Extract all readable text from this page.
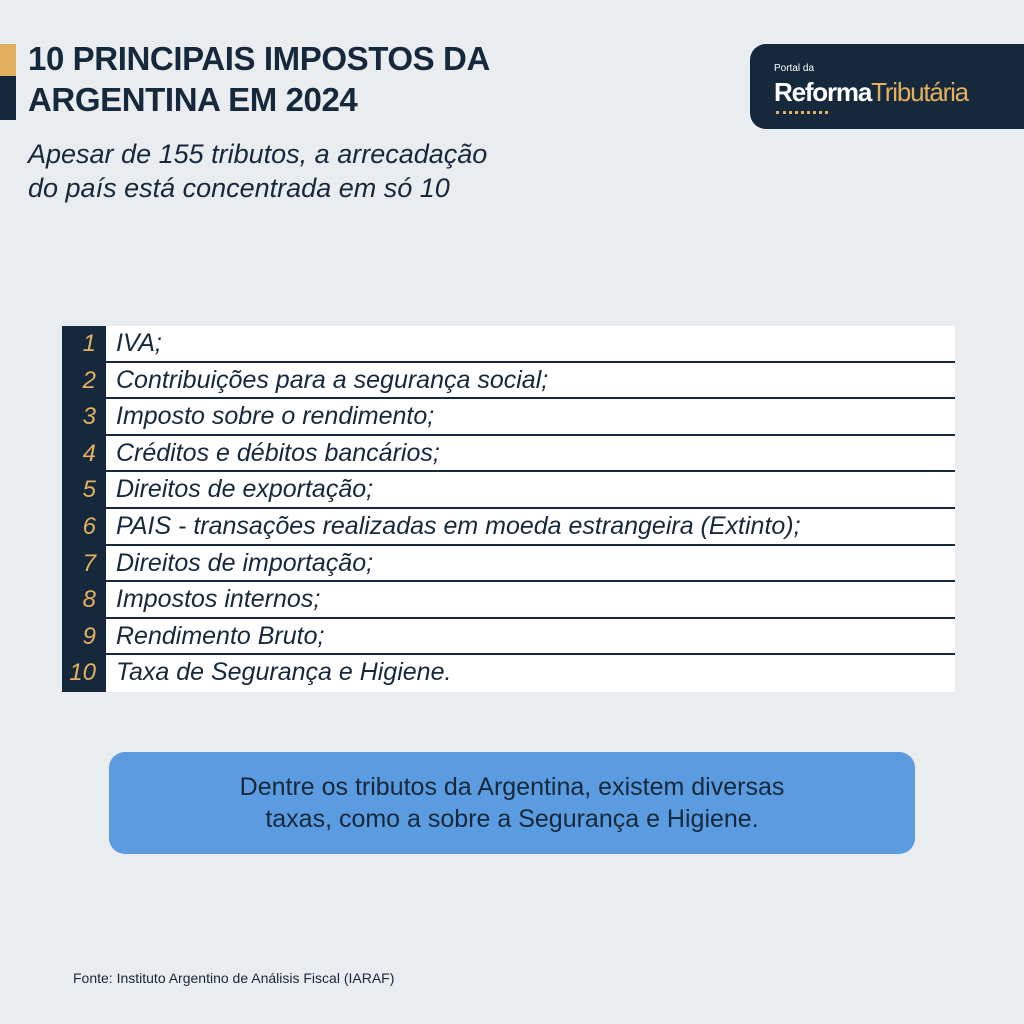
10 PRINCIPAIS IMPOSTOS DA
ARGENTINA EM 2024
Apesar de 155 tributos, a arrecadação
do país está concentrada em só 10
Portal da
ReformaTributária
1 IVA;
2 Contribuições para a segurança social;
3 Imposto sobre o rendimento;
4 Créditos e débitos bancários;
5 Direitos de exportação;
6 PAIS - transações realizadas em moeda estrangeira (Extinto);
7 Direitos de importação;
8 Impostos internos;
9 Rendimento Bruto;
10 Taxa de Segurança e Higiene.
Dentre os tributos da Argentina, existem diversas
taxas, como a sobre a Segurança e Higiene.
Fonte: Instituto Argentino de Análisis Fiscal (IARAF)
